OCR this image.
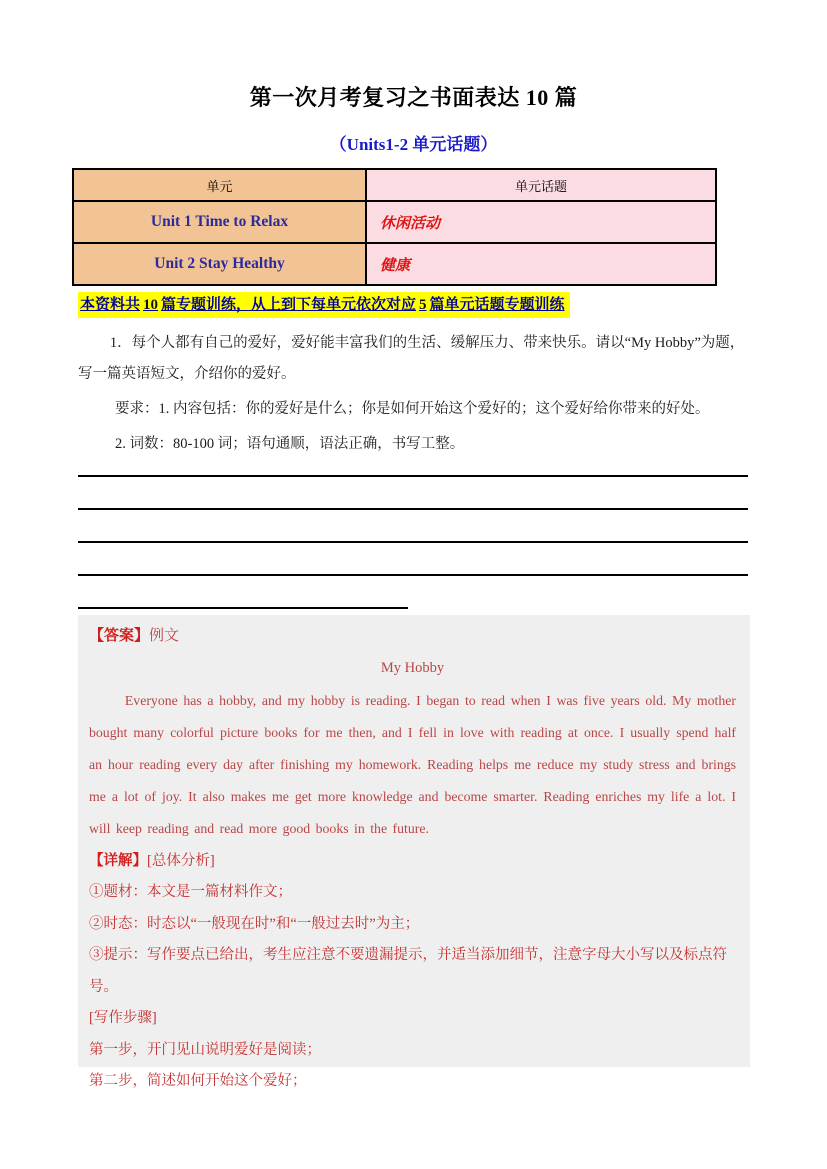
第一次月考复习之书面表达 10 篇
（Units1-2 单元话题）
单元	单元话题
Unit 1 Time to Relax	休闲活动
Unit 2 Stay Healthy	健康
本资料共 10 篇专题训练，从上到下每单元依次对应 5 篇单元话题专题训练

1．每个人都有自己的爱好，爱好能丰富我们的生活、缓解压力、带来快乐。请以“My Hobby”为题，写一篇英语短文，介绍你的爱好。

要求：1. 内容包括：你的爱好是什么；你是如何开始这个爱好的；这个爱好给你带来的好处。

2. 词数：80-100 词；语句通顺，语法正确，书写工整。

【答案】例文

My Hobby

Everyone has a hobby, and my hobby is reading. I began to read when I was five years old. My mother bought many colorful picture books for me then, and I fell in love with reading at once. I usually spend half an hour reading every day after finishing my homework. Reading helps me reduce my study stress and brings me a lot of joy. It also makes me get more knowledge and become smarter. Reading enriches my life a lot. I will keep reading and read more good books in the future.

【详解】[总体分析]

①题材：本文是一篇材料作文；

②时态：时态以“一般现在时”和“一般过去时”为主；

③提示：写作要点已给出，考生应注意不要遗漏提示，并适当添加细节，注意字母大小写以及标点符号。

[写作步骤]

第一步，开门见山说明爱好是阅读；

第二步，简述如何开始这个爱好；
